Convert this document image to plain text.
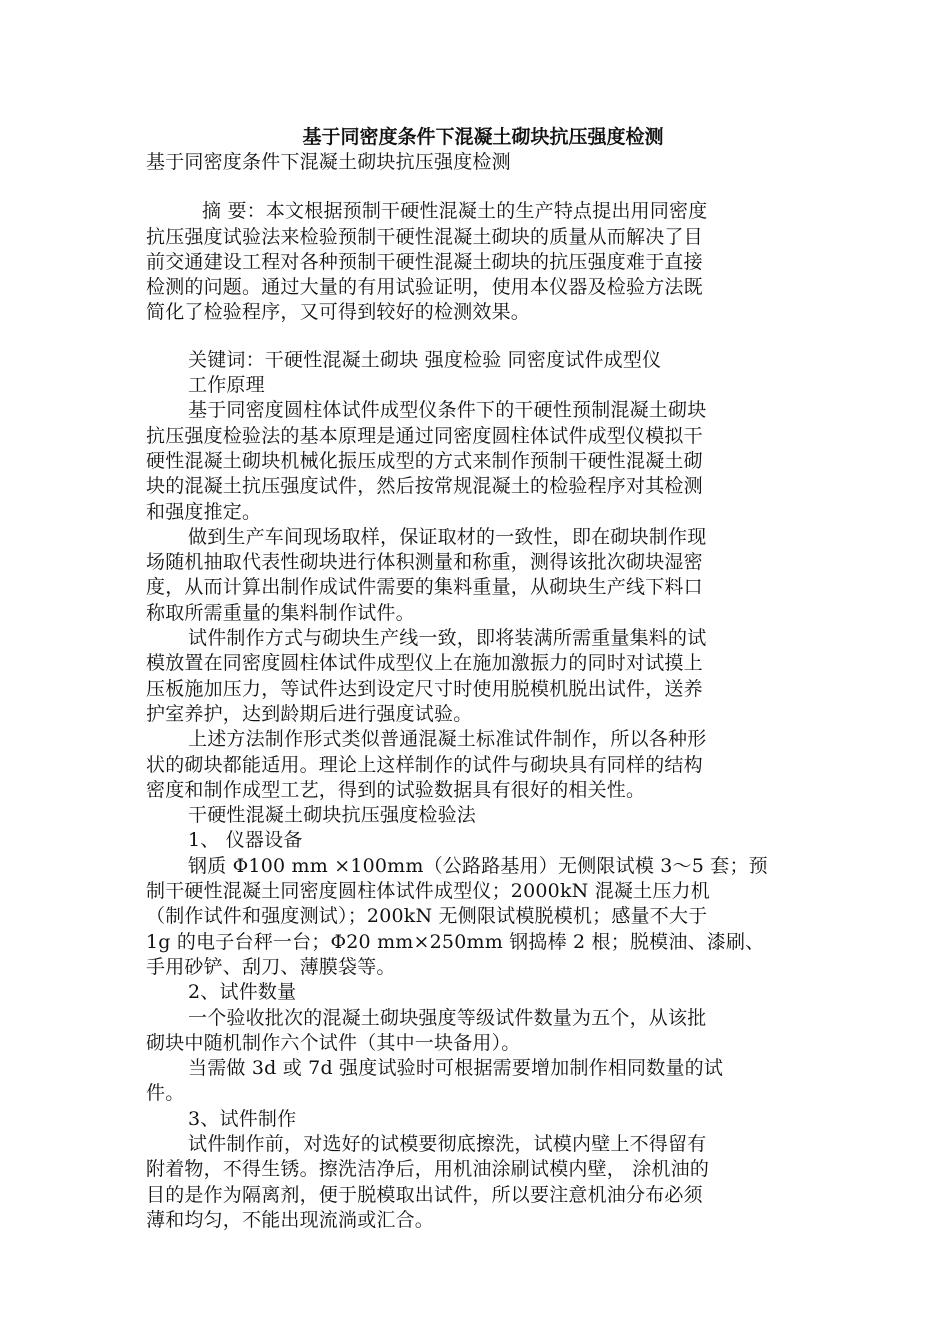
基于同密度条件下混凝土砌块抗压强度检测

基于同密度条件下混凝土砌块抗压强度检测

摘 要：本文根据预制干硬性混凝土的生产特点提出用同密度

抗压强度试验法来检验预制干硬性混凝土砌块的质量从而解决了目

前交通建设工程对各种预制干硬性混凝土砌块的抗压强度难于直接

检测的问题。通过大量的有用试验证明，使用本仪器及检验方法既

简化了检验程序，又可得到较好的检测效果。

关键词：干硬性混凝土砌块 强度检验 同密度试件成型仪

工作原理

基于同密度圆柱体试件成型仪条件下的干硬性预制混凝土砌块

抗压强度检验法的基本原理是通过同密度圆柱体试件成型仪模拟干

硬性混凝土砌块机械化振压成型的方式来制作预制干硬性混凝土砌

块的混凝土抗压强度试件，然后按常规混凝土的检验程序对其检测

和强度推定。

做到生产车间现场取样，保证取材的一致性，即在砌块制作现

场随机抽取代表性砌块进行体积测量和称重，测得该批次砌块湿密

度，从而计算出制作成试件需要的集料重量，从砌块生产线下料口

称取所需重量的集料制作试件。

试件制作方式与砌块生产线一致，即将装满所需重量集料的试

模放置在同密度圆柱体试件成型仪上在施加激振力的同时对试摸上

压板施加压力，等试件达到设定尺寸时使用脱模机脱出试件，送养

护室养护，达到龄期后进行强度试验。

上述方法制作形式类似普通混凝土标准试件制作，所以各种形

状的砌块都能适用。理论上这样制作的试件与砌块具有同样的结构

密度和制作成型工艺，得到的试验数据具有很好的相关性。

干硬性混凝土砌块抗压强度检验法

1、 仪器设备

钢质 Φ100 mm ×100mm（公路路基用）无侧限试模 3～5 套；预

制干硬性混凝土同密度圆柱体试件成型仪；2000kN 混凝土压力机

（制作试件和强度测试）；200kN 无侧限试模脱模机；感量不大于

1g 的电子台秤一台；Φ20 mm×250mm 钢捣棒 2 根；脱模油、漆刷、

手用砂铲、刮刀、薄膜袋等。

2、试件数量

一个验收批次的混凝土砌块强度等级试件数量为五个，从该批

砌块中随机制作六个试件（其中一块备用）。

当需做 3d 或 7d 强度试验时可根据需要增加制作相同数量的试

件。

3、试件制作

试件制作前，对选好的试模要彻底擦洗，试模内壁上不得留有

附着物，不得生锈。擦洗洁净后，用机油涂刷试模内壁， 涂机油的

目的是作为隔离剂，便于脱模取出试件，所以要注意机油分布必须

薄和均匀，不能出现流淌或汇合。
